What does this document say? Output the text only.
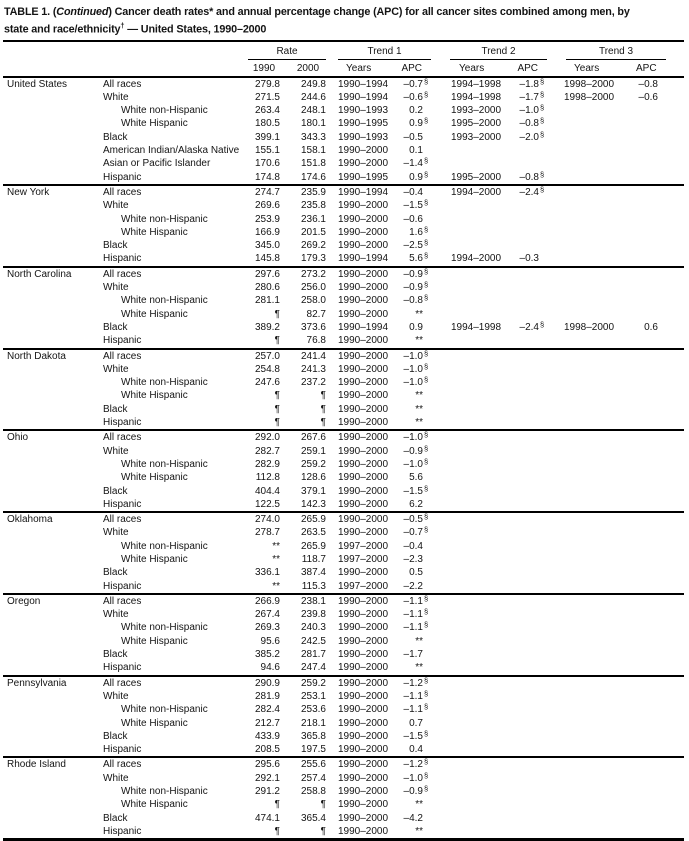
TABLE 1. (Continued) Cancer death rates* and annual percentage change (APC) for all cancer sites combined among men, by
state and race/ethnicity† — United States, 1990–2000
Rate	Trend 1	Trend 2	Trend 3
1990	2000	Years	APC	Years	APC	Years	APC
United States	All races	279.8	249.8	1990–1994	–0.7 §	1994–1998	–1.8 §	1998–2000	–0.8
White	271.5	244.6	1990–1994	–0.6 §	1994–1998	–1.7 §	1998–2000	–0.6
White non-Hispanic	263.4	248.1	1990–1993	0.2	1993–2000	–1.0 §
White Hispanic	180.5	180.1	1990–1995	0.9 §	1995–2000	–0.8 §
Black	399.1	343.3	1990–1993	–0.5	1993–2000	–2.0 §
American Indian/Alaska Native	155.1	158.1	1990–2000	0.1
Asian or Pacific Islander	170.6	151.8	1990–2000	–1.4 §
Hispanic	174.8	174.6	1990–1995	0.9 §	1995–2000	–0.8 §
New York	All races	274.7	235.9	1990–1994	–0.4	1994–2000	–2.4 §
White	269.6	235.8	1990–2000	–1.5 §
White non-Hispanic	253.9	236.1	1990–2000	–0.6
White Hispanic	166.9	201.5	1990–2000	1.6 §
Black	345.0	269.2	1990–2000	–2.5 §
Hispanic	145.8	179.3	1990–1994	5.6 §	1994–2000	–0.3
North Carolina	All races	297.6	273.2	1990–2000	–0.9 §
White	280.6	256.0	1990–2000	–0.9 §
White non-Hispanic	281.1	258.0	1990–2000	–0.8 §
White Hispanic	¶	82.7	1990–2000	**
Black	389.2	373.6	1990–1994	0.9	1994–1998	–2.4 §	1998–2000	0.6
Hispanic	¶	76.8	1990–2000	**
North Dakota	All races	257.0	241.4	1990–2000	–1.0 §
White	254.8	241.3	1990–2000	–1.0 §
White non-Hispanic	247.6	237.2	1990–2000	–1.0 §
White Hispanic	¶	¶	1990–2000	**
Black	¶	¶	1990–2000	**
Hispanic	¶	¶	1990–2000	**
Ohio	All races	292.0	267.6	1990–2000	–1.0 §
White	282.7	259.1	1990–2000	–0.9 §
White non-Hispanic	282.9	259.2	1990–2000	–1.0 §
White Hispanic	112.8	128.6	1990–2000	5.6
Black	404.4	379.1	1990–2000	–1.5 §
Hispanic	122.5	142.3	1990–2000	6.2
Oklahoma	All races	274.0	265.9	1990–2000	–0.5 §
White	278.7	263.5	1990–2000	–0.7 §
White non-Hispanic	**	265.9	1997–2000	–0.4
White Hispanic	**	118.7	1997–2000	–2.3
Black	336.1	387.4	1990–2000	0.5
Hispanic	**	115.3	1997–2000	–2.2
Oregon	All races	266.9	238.1	1990–2000	–1.1 §
White	267.4	239.8	1990–2000	–1.1 §
White non-Hispanic	269.3	240.3	1990–2000	–1.1 §
White Hispanic	95.6	242.5	1990–2000	**
Black	385.2	281.7	1990–2000	–1.7
Hispanic	94.6	247.4	1990–2000	**
Pennsylvania	All races	290.9	259.2	1990–2000	–1.2 §
White	281.9	253.1	1990–2000	–1.1 §
White non-Hispanic	282.4	253.6	1990–2000	–1.1 §
White Hispanic	212.7	218.1	1990–2000	0.7
Black	433.9	365.8	1990–2000	–1.5 §
Hispanic	208.5	197.5	1990–2000	0.4
Rhode Island	All races	295.6	255.6	1990–2000	–1.2 §
White	292.1	257.4	1990–2000	–1.0 §
White non-Hispanic	291.2	258.8	1990–2000	–0.9 §
White Hispanic	¶	¶	1990–2000	**
Black	474.1	365.4	1990–2000	–4.2
Hispanic	¶	¶	1990–2000	**
